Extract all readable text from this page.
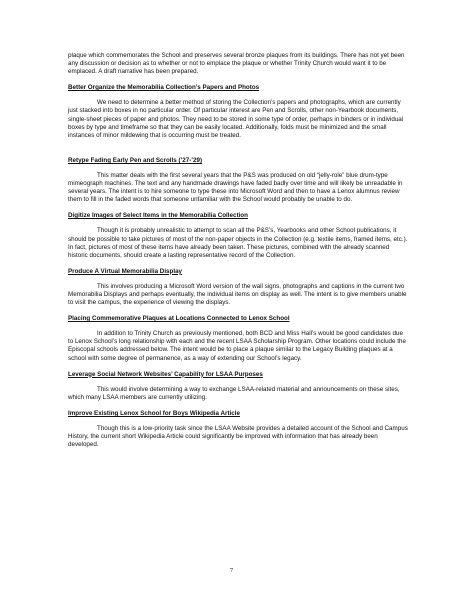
plaque which commemorates the School and preserves several bronze plaques from its buildings. There has not yet been any discussion or decision as to whether or not to emplace the plaque or whether Trinity Church would want it to be emplaced. A draft narrative has been prepared.

Better Organize the Memorabilia Collection’s Papers and Photos

We need to determine a better method of storing the Collection’s papers and photographs, which are currently just stacked into boxes in no particular order. Of particular interest are Pen and Scrolls, other non-Yearbook documents, single-sheet pieces of paper and photos. They need to be stored in some type of order, perhaps in binders or in individual boxes by type and timeframe so that they can be easily located. Additionally, folds must be minimized and the small instances of minor mildewing that is occurring must be treated.

Retype Fading Early Pen and Scrolls (’27-’29)

This matter deals with the first several years that the P&S was produced on old “jelly-role” blue drum-type mimeograph machines. The text and any handmade drawings have faded badly over time and will likely be unreadable in several years. The intent is to hire someone to type these into Microsoft Word and then to have a Lenox alumnus review them to fill in the faded words that someone unfamiliar with the School would probably be unable to do.

Digitize Images of Select Items in the Memorabilia Collection

Though it is probably unrealistic to attempt to scan all the P&S’s, Yearbooks and other School publications, it should be possible to take pictures of most of the non-paper objects in the Collection (e.g. textile items, framed items, etc.). In fact, pictures of most of these items have already been taken. These pictures, combined with the already scanned historic documents, should create a lasting representative record of the Collection.

Produce A Virtual Memorabilia Display

This involves producing a Microsoft Word version of the wall signs, photographs and captions in the current two Memorabilia Displays and perhaps eventually, the individual items on display as well. The intent is to give members unable to visit the campus, the experience of viewing the displays.

Placing Commemorative Plaques at Locations Connected to Lenox School

In addition to Trinity Church as previously mentioned, both BCD and Miss Hall’s would be good candidates due to Lenox School’s long relationship with each and the recent LSAA Scholarship Program. Other locations could include the Episcopal schools addressed below. The intent would be to place a plaque similar to the Legacy Building plaques at a school with some degree of permanence, as a way of extending our School’s legacy.

Leverage Social Network Websites’ Capability for LSAA Purposes

This would involve determining a way to exchange LSAA-related material and announcements on these sites, which many LSAA members are currently utilizing.

Improve Existing Lenox School for Boys Wikipedia Article

Though this is a low-priority task since the LSAA Website provides a detailed account of the School and Campus History, the current short Wikipedia Article could significantly be improved with information that has already been developed.

7
